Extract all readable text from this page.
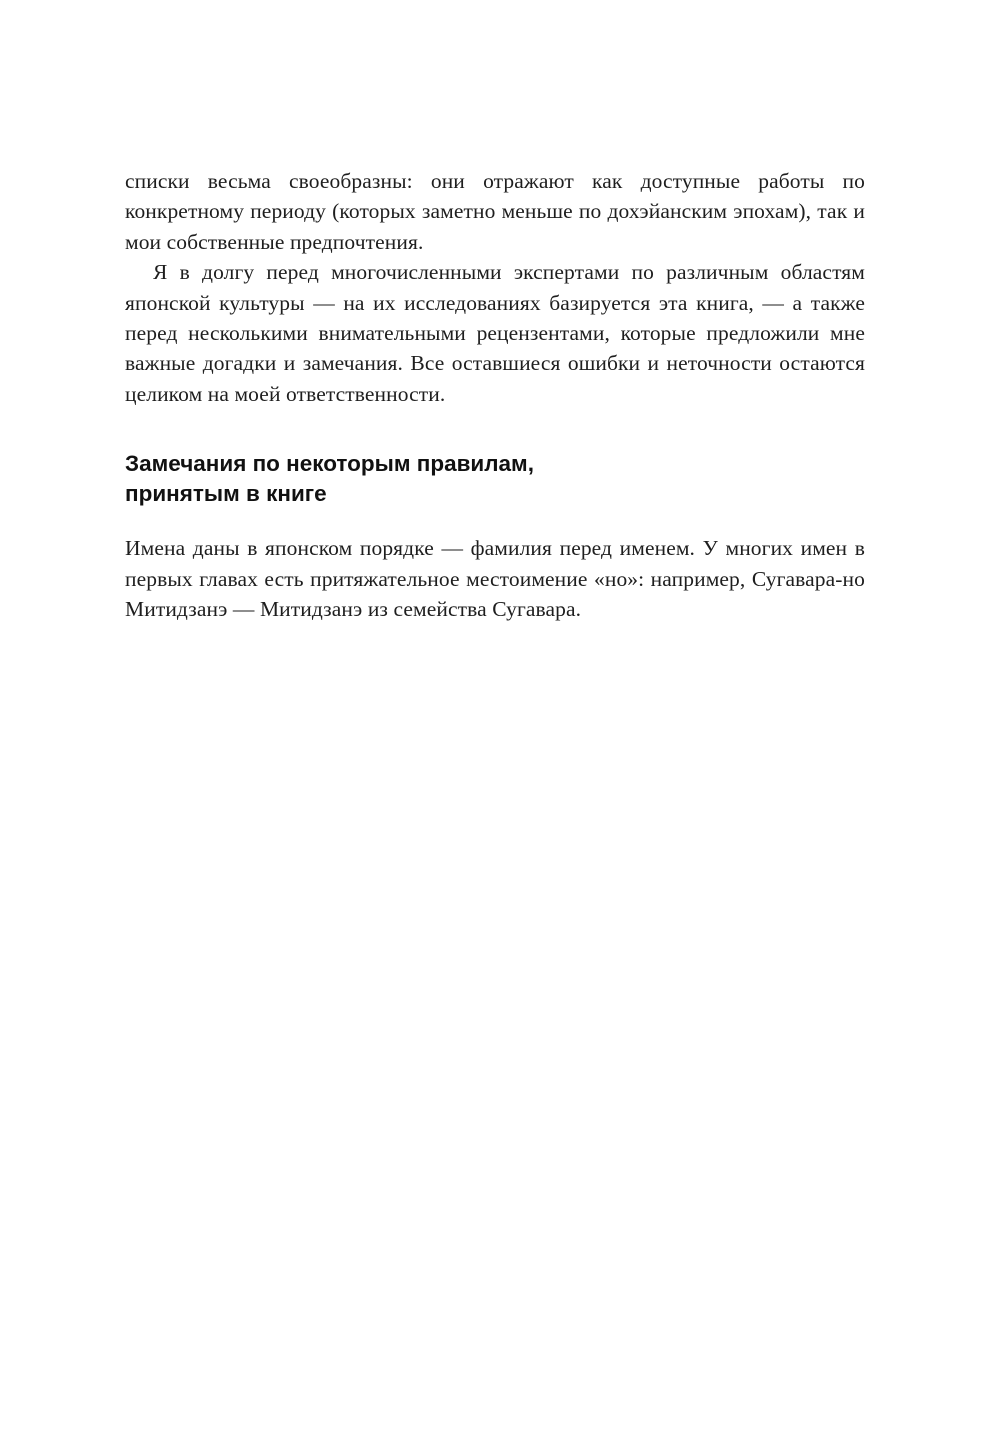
списки весьма своеобразны: они отражают как доступные работы по конкретному периоду (которых заметно меньше по дохэйанским эпохам), так и мои собственные предпочтения.

Я в долгу перед многочисленными экспертами по различным областям японской культуры — на их исследованиях базируется эта книга, — а также перед несколькими внимательными рецензентами, которые предложили мне важные догадки и замечания. Все оставшиеся ошибки и неточности остаются целиком на моей ответственности.

Замечания по некоторым правилам,
принятым в книге

Имена даны в японском порядке — фамилия перед именем. У многих имен в первых главах есть притяжательное местоимение «но»: например, Сугавара-но Митидзанэ — Митидзанэ из семейства Сугавара.
